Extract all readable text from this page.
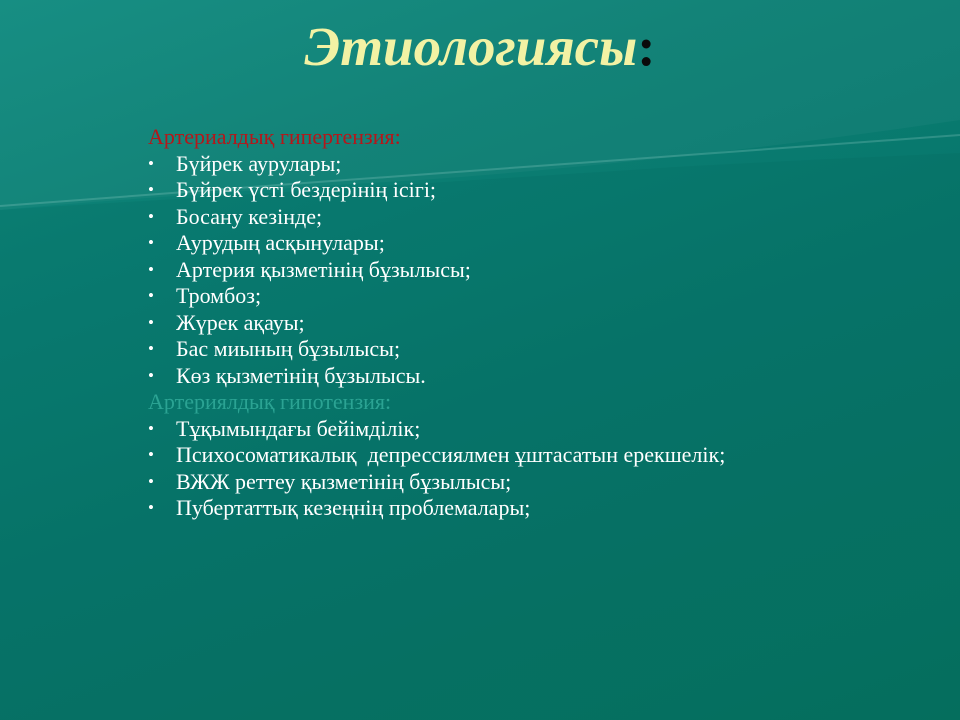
Этиологиясы:
Артериалдық гипертензия:
• Бүйрек аурулары;
• Бүйрек үсті бездерінің ісігі;
• Босану кезінде;
• Аурудың асқынулары;
• Артерия қызметінің бұзылысы;
• Тромбоз;
• Жүрек ақауы;
• Бас миының бұзылысы;
• Көз қызметінің бұзылысы.
Артериялдық гипотензия:
• Тұқымындағы бейімділік;
• Психосоматикалық  депрессиялмен ұштасатын ерекшелік;
• ВЖЖ реттеу қызметінің бұзылысы;
• Пубертаттық кезеңнің проблемалары;
